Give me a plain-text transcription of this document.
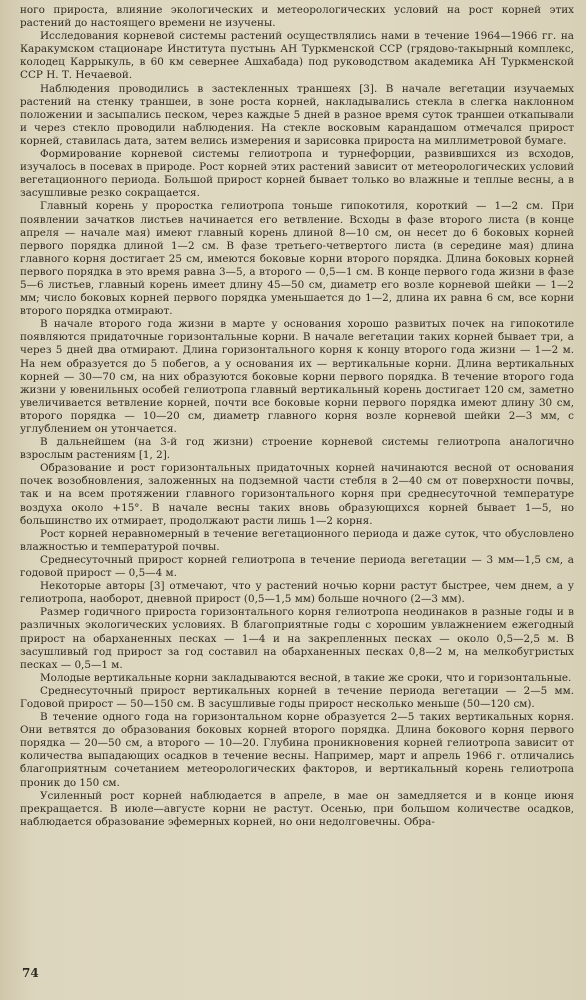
ного прироста, влияние экологических и метеорологических условий на рост корней этих растений до настоящего времени не изучены.

Исследования корневой системы растений осуществлялись нами в течение 1964—1966 гг. на Каракумском стационаре Института пустынь АН Туркменской ССР (грядово-такырный комплекс, колодец Каррыкуль, в 60 км севернее Ашхабада) под руководством академика АН Туркменской ССР Н. Т. Нечаевой.

Наблюдения проводились в застекленных траншеях [3]. В начале вегетации изучаемых растений на стенку траншеи, в зоне роста корней, накладывались стекла в слегка наклонном положении и засыпались песком, через каждые 5 дней в разное время суток траншеи откапывали и через стекло проводили наблюдения. На стекле восковым карандашом отмечался прирост корней, ставилась дата, затем велись измерения и зарисовка прироста на миллиметровой бумаге.

Формирование корневой системы гелиотропа и турнефорции, развившихся из всходов, изучалось в посевах в природе. Рост корней этих растений зависит от метеорологических условий вегетационного периода. Большой прирост корней бывает только во влажные и теплые весны, а в засушливые резко сокращается.

Главный корень у проростка гелиотропа тоньше гипокотиля, короткий — 1—2 см. При появлении зачатков листьев начинается его ветвление. Всходы в фазе второго листа (в конце апреля — начале мая) имеют главный корень длиной 8—10 см, он несет до 6 боковых корней первого порядка длиной 1—2 см. В фазе третьего-четвертого листа (в середине мая) длина главного корня достигает 25 см, имеются боковые корни второго порядка. Длина боковых корней первого порядка в это время равна 3—5, а второго — 0,5—1 см. В конце первого года жизни в фазе 5—6 листьев, главный корень имеет длину 45—50 см, диаметр его возле корневой шейки — 1—2 мм; число боковых корней первого порядка уменьшается до 1—2, длина их равна 6 см, все корни второго порядка отмирают.

В начале второго года жизни в марте у основания хорошо развитых почек на гипокотиле появляются придаточные горизонтальные корни. В начале вегетации таких корней бывает три, а через 5 дней два отмирают. Длина горизонтального корня к концу второго года жизни — 1—2 м. На нем образуется до 5 побегов, а у основания их — вертикальные корни. Длина вертикальных корней — 30—70 см, на них образуются боковые корни первого порядка. В течение второго года жизни у ювенильных особей гелиотропа главный вертикальный корень достигает 120 см, заметно увеличивается ветвление корней, почти все боковые корни первого порядка имеют длину 30 см, второго порядка — 10—20 см, диаметр главного корня возле корневой шейки 2—3 мм, с углублением он утончается.

В дальнейшем (на 3-й год жизни) строение корневой системы гелиотропа аналогично взрослым растениям [1, 2].

Образование и рост горизонтальных придаточных корней начинаются весной от основания почек возобновления, заложенных на подземной части стебля в 2—40 см от поверхности почвы, так и на всем протяжении главного горизонтального корня при среднесуточной температуре воздуха около +15°. В начале весны таких вновь образующихся корней бывает 1—5, но большинство их отмирает, продолжают расти лишь 1—2 корня.

Рост корней неравномерный в течение вегетационного периода и даже суток, что обусловлено влажностью и температурой почвы.

Среднесуточный прирост корней гелиотропа в течение периода вегетации — 3 мм—1,5 см, а годовой прирост — 0,5—4 м.

Некоторые авторы [3] отмечают, что у растений ночью корни растут быстрее, чем днем, а у гелиотропа, наоборот, дневной прирост (0,5—1,5 мм) больше ночного (2—3 мм).

Размер годичного прироста горизонтального корня гелиотропа неодинаков в разные годы и в различных экологических условиях. В благоприятные годы с хорошим увлажнением ежегодный прирост на обарханенных песках — 1—4 и на закрепленных песках — около 0,5—2,5 м. В засушливый год прирост за год составил на обарханенных песках 0,8—2 м, на мелкобугристых песках — 0,5—1 м.

Молодые вертикальные корни закладываются весной, в такие же сроки, что и горизонтальные.

Среднесуточный прирост вертикальных корней в течение периода вегетации — 2—5 мм. Годовой прирост — 50—150 см. В засушливые годы прирост несколько меньше (50—120 см).

В течение одного года на горизонтальном корне образуется 2—5 таких вертикальных корня. Они ветвятся до образования боковых корней второго порядка. Длина бокового корня первого порядка — 20—50 см, а второго — 10—20. Глубина проникновения корней гелиотропа зависит от количества выпадающих осадков в течение весны. Например, март и апрель 1966 г. отличались благоприятным сочетанием метеорологических факторов, и вертикальный корень гелиотропа проник до 150 см.

Усиленный рост корней наблюдается в апреле, в мае он замедляется и в конце июня прекращается. В июле—августе корни не растут. Осенью, при большом количестве осадков, наблюдается образование эфемерных корней, но они недолговечны. Обра-

74
